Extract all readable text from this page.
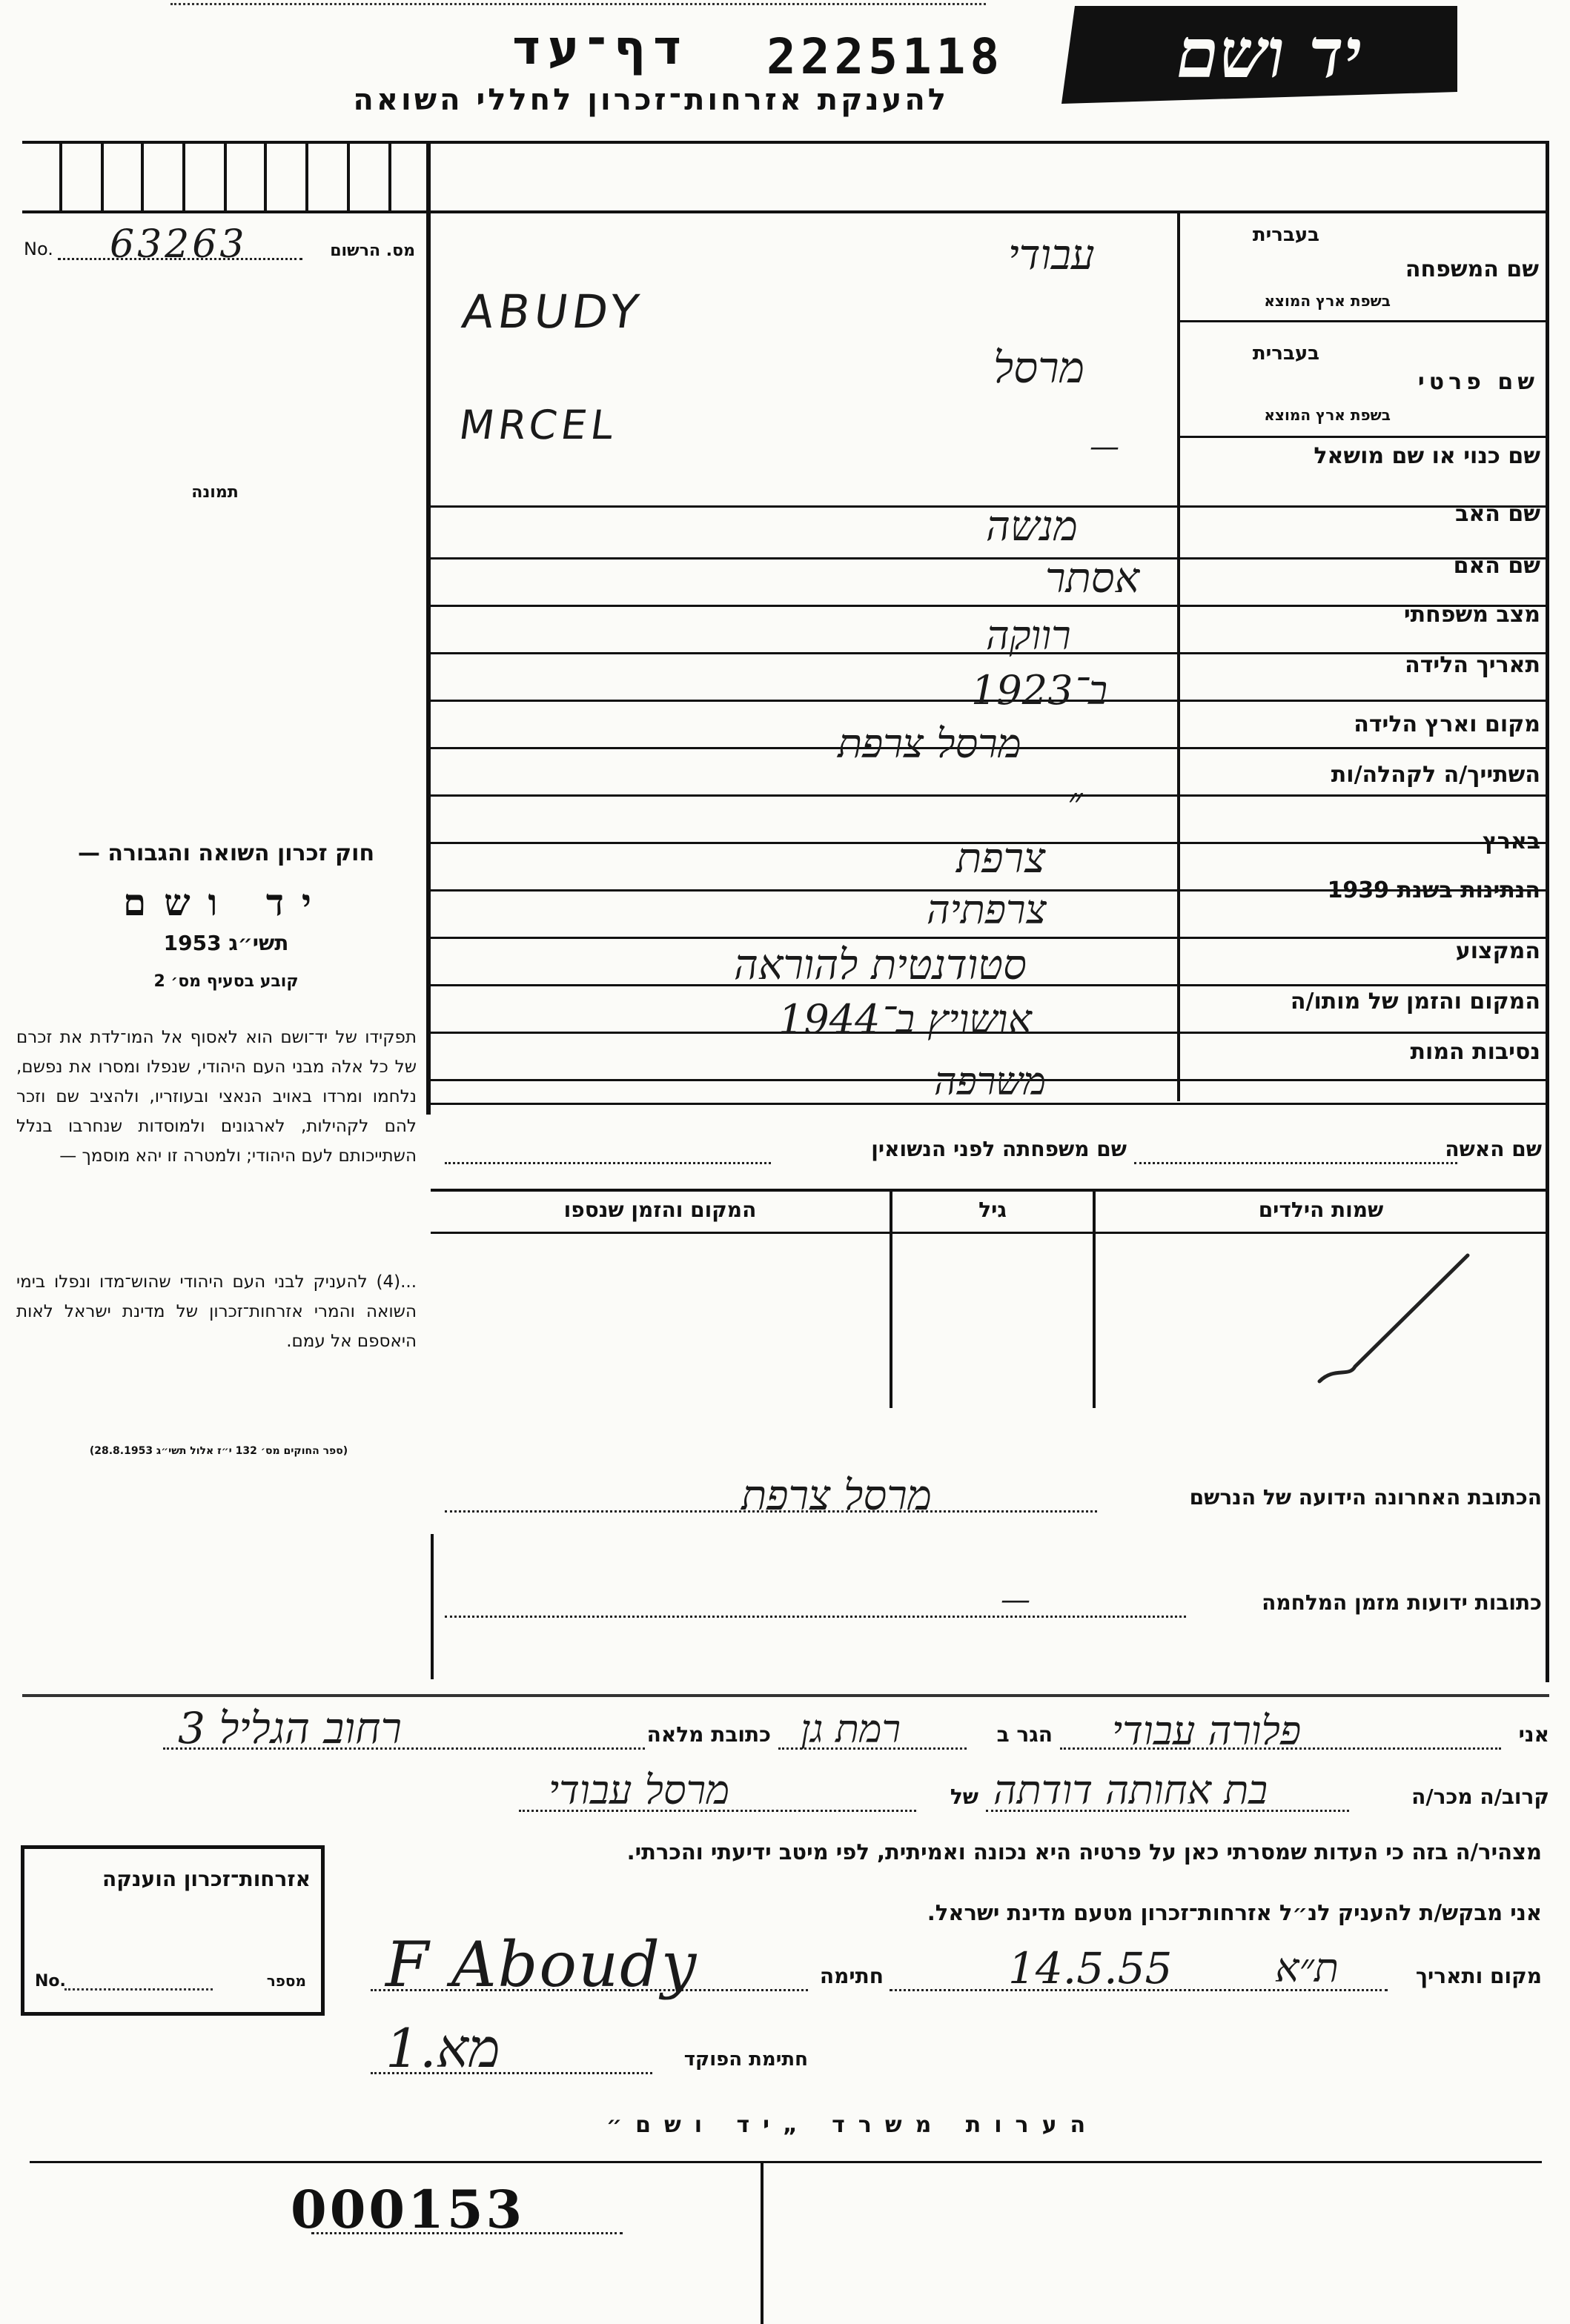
יד ושם
2225118
דף־עד
להענקת אזרחות־זכרון לחללי השואה
No. 63263	מס. הרשום
תמונה
חוק זכרון השואה והגבורה —
יד ושם
תשי״ג 1953
קובע בסעיף מס׳ 2
תפקידו של יד־ושם הוא לאסוף אל המו־לדת את זכרם של כל אלה מבני העם היהודי, שנפלו ומסרו את נפשם, נלחמו ומרדו באויב הנאצי ובעוזריו, ולהציב שם וזכר להם לקהילות, לארגונים ולמוסדות שנחרבו בנלל השתייכותם לעם היהודי; ולמטרה זו יהא מוסמך —
...(4) להעניק לבני העם היהודי שהוש־מדו ונפלו בימי השואה והמרי אזרחות־זכרון של מדינת ישראל לאות היאספם אל עמם.
(ספר החוקים מס׳ 132 י״ז אלול תשי״ג 28.8.1953)
בעברית
שם המשפחה
בשפת ארץ המוצא
עבודי
ABUDY
בעברית
שם פרטי
בשפת ארץ המוצא
מרסל
MRCEL
שם כנוי או שם מושאל
—
שם האב
מנשה
שם האם
אסתר
מצב משפחתי
רווקה
תאריך הלידה
ב־1923
מקום וארץ הלידה
מרסל צרפת
השתייך/ה לקהלה/ות
״
בארץ
צרפת
הנתינות בשנת 1939
צרפתיה
המקצוע
סטודנטית להוראה
המקום והזמן של מותו/ה
אושויץ ב־1944
נסיבות המות
משרפה
שם האשה
שם משפחתה לפני הנשואין
שמות הילדים
גיל
המקום והזמן שנספו
הכתובת האחרונה הידועה של הנרשם
מרסל צרפת
כתובות ידועות מזמן המלחמה
—
אני
פלורה עבודי
הגר ב
רמת גן
כתובת מלאה
רחוב הגליל 3
קרוב/ה מכר/ה
בת אחותה דודתה
של
מרסל עבודי
מצהיר/ה בזה כי העדות שמסרתי כאן על פרטיה היא נכונה ואמיתית, לפי מיטב ידיעתי והכרתי.
אני מבקש/ת להעניק לנ״ל אזרחות־זכרון מטעם מדינת ישראל.
מקום ותאריך
ת״א
14.5.55
חתימה
F Aboudy
חתימת הפוקד
מא.1
אזרחות־זכרון הוענקה
No.	מספר
הערות משרד „יד ושם״
000153
